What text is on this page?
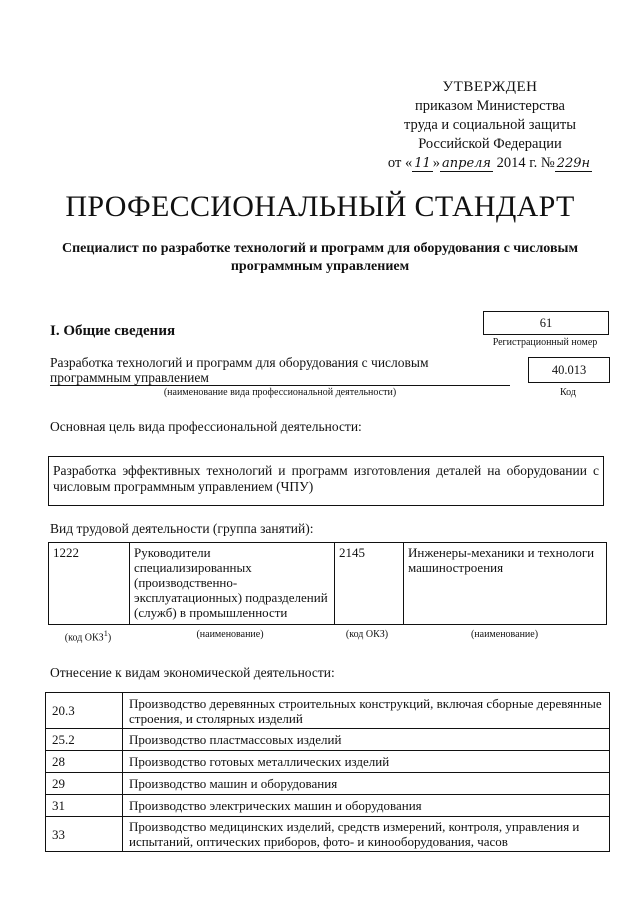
УТВЕРЖДЕН
приказом Министерства
труда и социальной защиты
Российской Федерации
от « 11 » апреля 2014 г. № 229н
ПРОФЕССИОНАЛЬНЫЙ СТАНДАРТ
Специалист по разработке технологий и программ для оборудования с числовым программным управлением
I. Общие сведения	61
Регистрационный номер
Разработка технологий и программ для оборудования с числовым программным управлением
(наименование вида профессиональной деятельности)
40.013
Код
Основная цель вида профессиональной деятельности:
Разработка эффективных технологий и программ изготовления деталей на оборудовании с числовым программным управлением (ЧПУ)
Вид трудовой деятельности (группа занятий):
1222	Руководители специализированных (производственно-эксплуатационных) подразделений (служб) в промышленности	2145	Инженеры-механики и технологи машиностроения
(код ОКЗ$^1$)	(наименование)	(код ОКЗ)	(наименование)
Отнесение к видам экономической деятельности:
20.3	Производство деревянных строительных конструкций, включая сборные деревянные строения, и столярных изделий
25.2	Производство пластмассовых изделий
28	Производство готовых металлических изделий
29	Производство машин и оборудования
31	Производство электрических машин и оборудования
33	Производство медицинских изделий, средств измерений, контроля, управления и испытаний, оптических приборов, фото- и кинооборудования, часов
